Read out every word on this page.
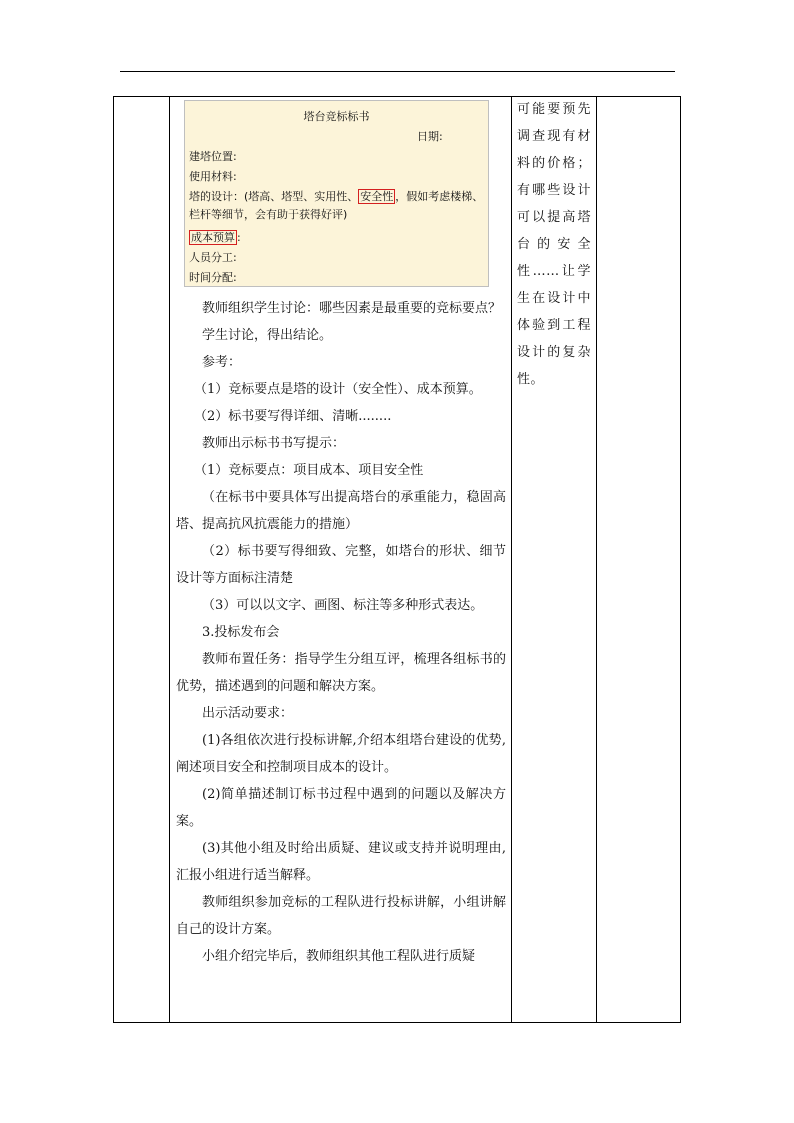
塔台竞标标书
日期:
建塔位置:
使用材料:
塔的设计：(塔高、塔型、实用性、 安全性 ，假如考虑楼梯、
栏杆等细节，会有助于获得好评)
成本预算 :
人员分工:
时间分配:

教师组织学生讨论：哪些因素是最重要的竞标要点？

学生讨论，得出结论。

参考：

（1）竞标要点是塔的设计（安全性）、成本预算。

（2）标书要写得详细、清晰........

教师出示标书书写提示：

（1）竞标要点：项目成本、项目安全性

（在标书中要具体写出提高塔台的承重能力，稳固高塔、提高抗风抗震能力的措施）

（2）标书要写得细致、完整，如塔台的形状、细节设计等方面标注清楚

（3）可以以文字、画图、标注等多种形式表达。

3.投标发布会

教师布置任务：指导学生分组互评，梳理各组标书的优势，描述遇到的问题和解决方案。

出示活动要求：

(1)各组依次进行投标讲解,介绍本组塔台建设的优势,阐述项目安全和控制项目成本的设计。

(2)简单描述制订标书过程中遇到的问题以及解决方案。

(3)其他小组及时给出质疑、建议或支持并说明理由,汇报小组进行适当解释。

教师组织参加竞标的工程队进行投标讲解，小组讲解自己的设计方案。

小组介绍完毕后，教师组织其他工程队进行质疑

可能要预先调查现有材料的价格；有哪些设计可以提高塔台的安全性……让学生在设计中体验到工程设计的复杂性。
